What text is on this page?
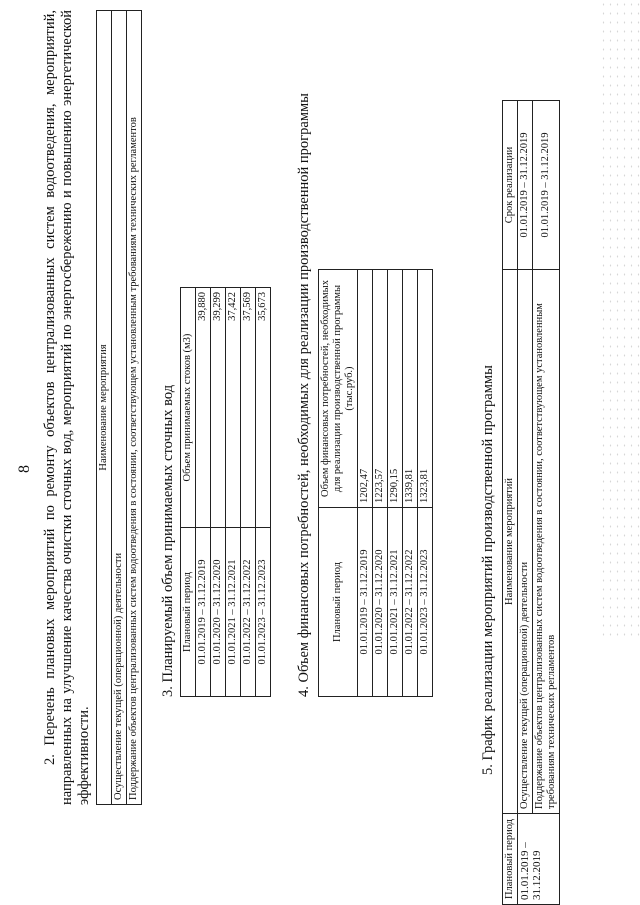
8 2. Перечень плановых мероприятий по ремонту объектов централизованных систем водоотведения, мероприятий, направленных на улучшение качества очистки сточных вод, мероприятий по энергосбережению и повышению энергетической эффективности.
Наименование мероприятия
Осуществление текущей (операционной) деятельности
Поддержание объектов централизованных систем водоотведения в состоянии, соответствующем установленным требованиям технических регламентов 3. Планируемый объем принимаемых сточных вод Плановый период	Объем принимаемых стоков (м3)
01.01.2019 – 31.12.2019	39,880
01.01.2020 – 31.12.2020	39,299
01.01.2021 – 31.12.2021	37,422
01.01.2022 – 31.12.2022	37,569
01.01.2023 – 31.12.2023	35,673 4. Объем финансовых потребностей, необходимых для реализации производственной программы Плановый период	Объем финансовых потребностей, необходимых для реализации производственной программы (тыс.руб.)
01.01.2019 – 31.12.2019	1202,47
01.01.2020 – 31.12.2020	1223,57
01.01.2021 – 31.12.2021	1290,15
01.01.2022 – 31.12.2022	1339,81
01.01.2023 – 31.12.2023	1323,81	5. График реализации мероприятий производственной программы
Плановый период	Наименование мероприятий	Срок реализации
01.01.2019 – 31.12.2019	Осуществление текущей (операционной) деятельности	01.01.2019 – 31.12.2019
	Поддержание объектов централизованных систем водоотведения в состоянии, соответствующем установленным требованиям технических регламентов	01.01.2019 – 31.12.2019
